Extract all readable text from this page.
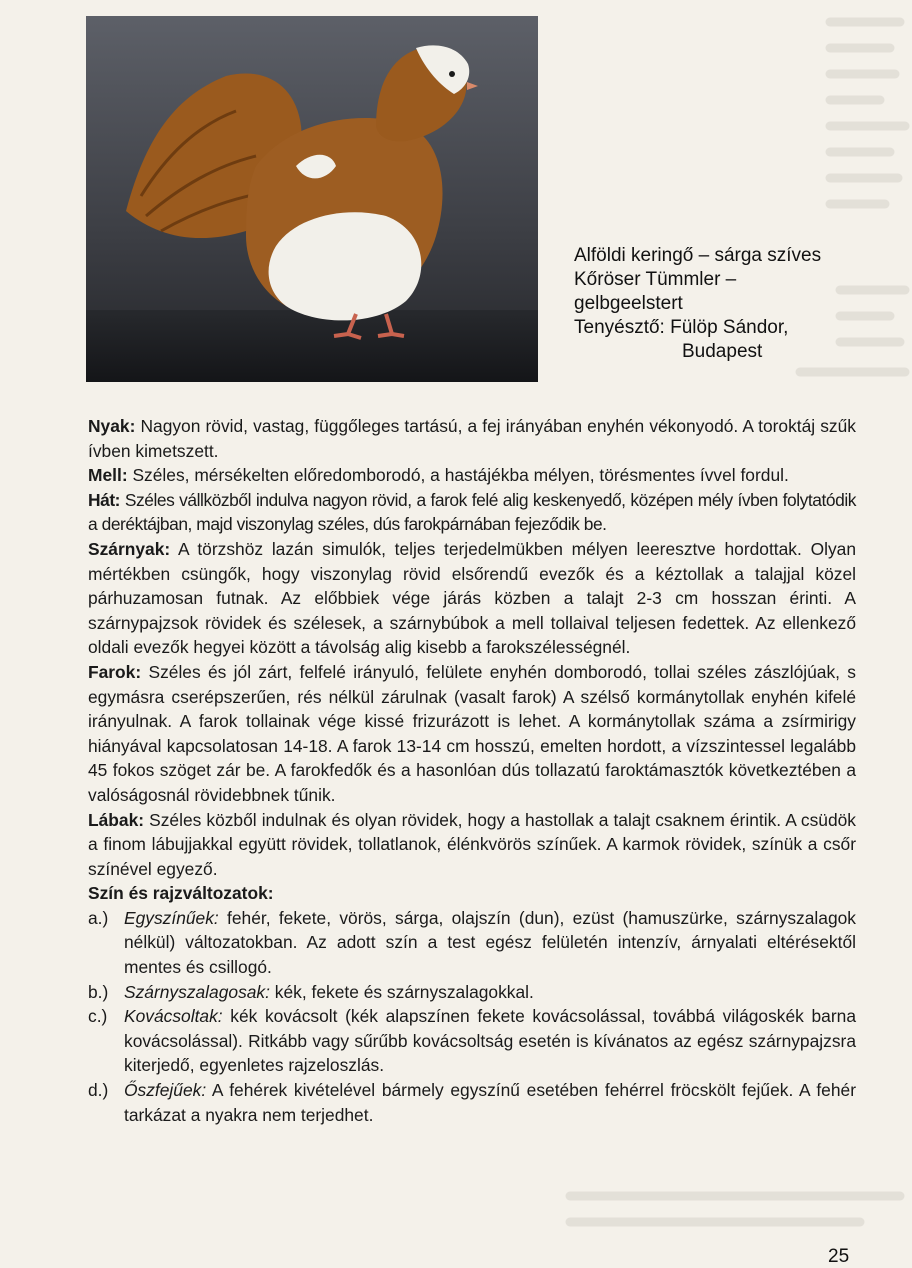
Alföldi keringő – sárga szíves
Kőröser Tümmler –
gelbgeelstert
Tenyésztő: Fülöp Sándor,
Budapest

Nyak: Nagyon rövid, vastag, függőleges tartású, a fej irányában enyhén vékonyodó. A toroktáj szűk ívben kimetszett.

Mell: Széles, mérsékelten előredomborodó, a hastájékba mélyen, törésmentes ívvel fordul.

Hát: Széles vállközből indulva nagyon rövid, a farok felé alig keskenyedő, középen mély ívben folytatódik a deréktájban, majd viszonylag széles, dús farokpárnában fejeződik be.

Szárnyak: A törzshöz lazán simulók, teljes terjedelmükben mélyen leeresztve hordottak. Olyan mértékben csüngők, hogy viszonylag rövid elsőrendű evezők és a kéztollak a talajjal közel párhuzamosan futnak. Az előbbiek vége járás közben a talajt 2-3 cm hosszan érinti. A szárnypajzsok rövidek és szélesek, a szárnybúbok a mell tollaival teljesen fedettek. Az ellenkező oldali evezők hegyei között a távolság alig kisebb a farokszélességnél.

Farok: Széles és jól zárt, felfelé irányuló, felülete enyhén domborodó, tollai széles zászlójúak, s egymásra cserépszerűen, rés nélkül zárulnak (vasalt farok) A szélső kormánytollak enyhén kifelé irányulnak. A farok tollainak vége kissé frizurázott is lehet. A kormánytollak száma a zsírmirigy hiányával kapcsolatosan 14-18. A farok 13-14 cm hosszú, emelten hordott, a vízszintessel legalább 45 fokos szöget zár be. A farokfedők és a hasonlóan dús tollazatú faroktámasztók következtében a valóságosnál rövidebbnek tűnik.

Lábak: Széles közből indulnak és olyan rövidek, hogy a hastollak a talajt csaknem érintik. A csüdök a finom lábujjakkal együtt rövidek, tollatlanok, élénkvörös színűek. A karmok rövidek, színük a csőr színével egyező.

Szín és rajzváltozatok:

a.) Egyszínűek: fehér, fekete, vörös, sárga, olajszín (dun), ezüst (hamuszürke, szárnyszalagok nélkül) változatokban. Az adott szín a test egész felületén intenzív, árnyalati eltérésektől mentes és csillogó.

b.) Szárnyszalagosak: kék, fekete és szárnyszalagokkal.

c.) Kovácsoltak: kék kovácsolt (kék alapszínen fekete kovácsolással, továbbá világoskék barna kovácsolással). Ritkább vagy sűrűbb kovácsoltság esetén is kívánatos az egész szárnypajzsra kiterjedő, egyenletes rajzeloszlás.

d.) Őszfejűek: A fehérek kivételével bármely egyszínű esetében fehérrel fröcskölt fejűek. A fehér tarkázat a nyakra nem terjedhet.

25
